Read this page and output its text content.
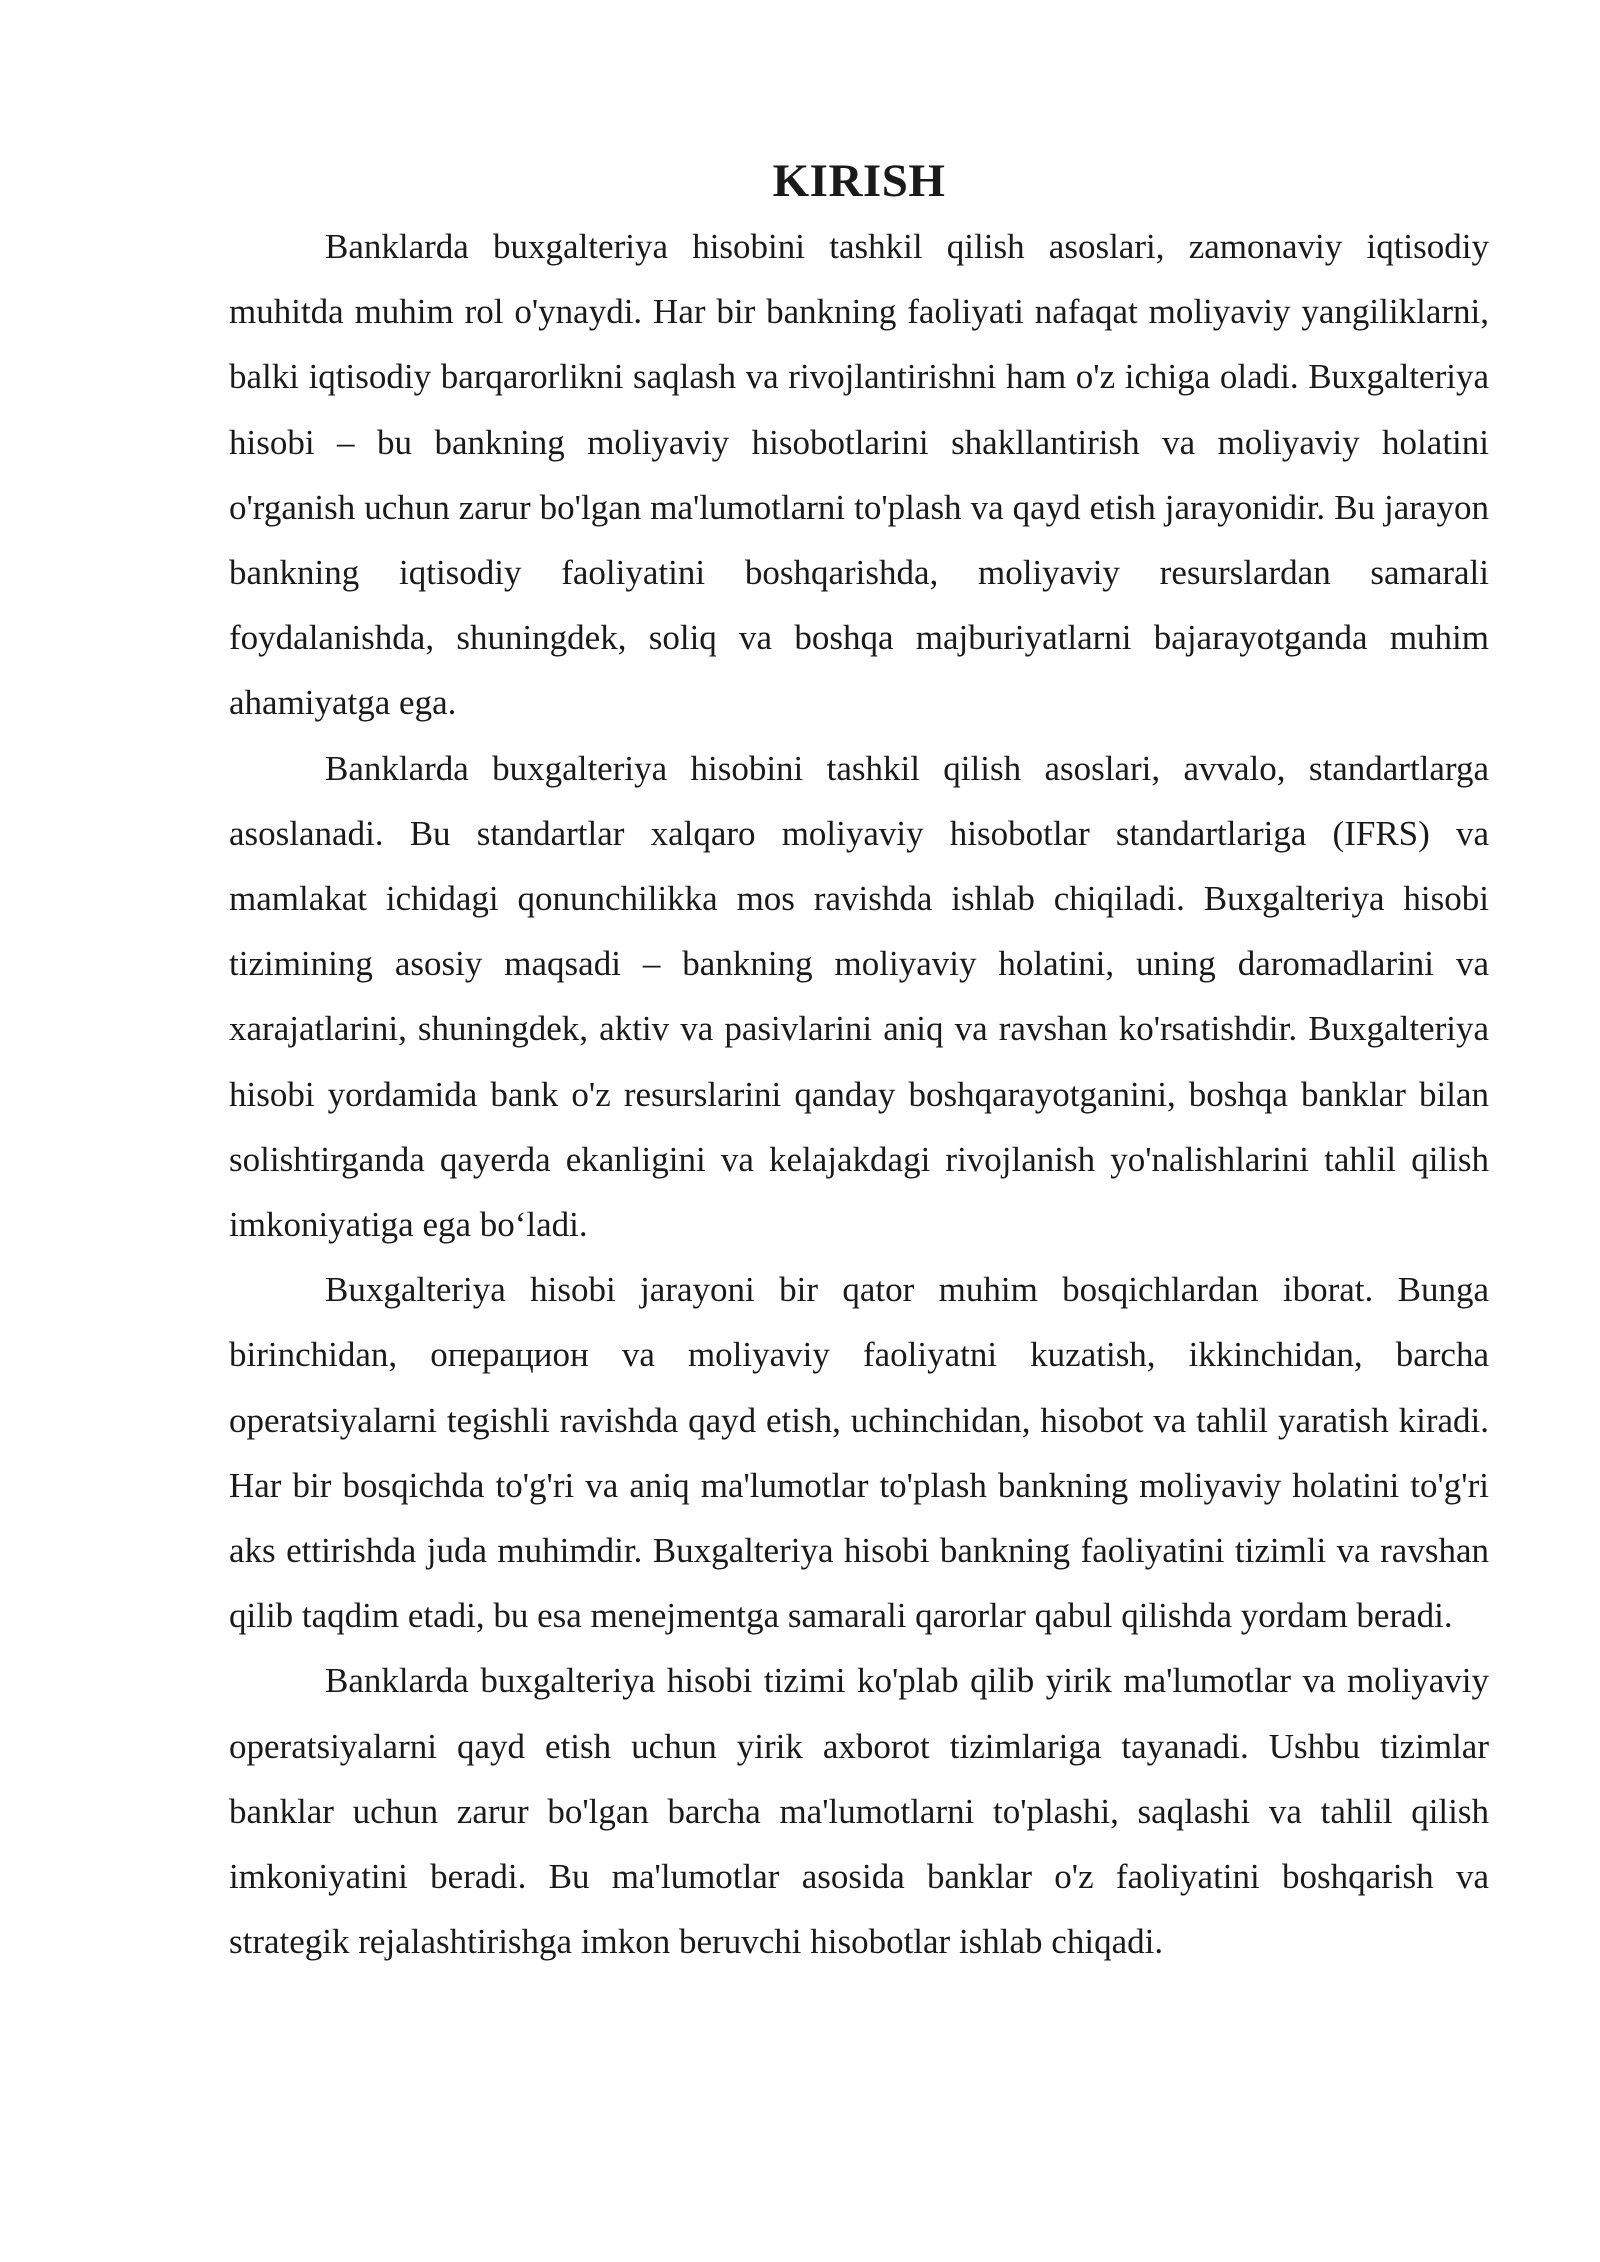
KIRISH

Banklarda buxgalteriya hisobini tashkil qilish asoslari, zamonaviy iqtisodiy muhitda muhim rol o'ynaydi. Har bir bankning faoliyati nafaqat moliyaviy yangiliklarni, balki iqtisodiy barqarorlikni saqlash va rivojlantirishni ham o'z ichiga oladi. Buxgalteriya hisobi – bu bankning moliyaviy hisobotlarini shakllantirish va moliyaviy holatini o'rganish uchun zarur bo'lgan ma'lumotlarni to'plash va qayd etish jarayonidir. Bu jarayon bankning iqtisodiy faoliyatini boshqarishda, moliyaviy resurslardan samarali foydalanishda, shuningdek, soliq va boshqa majburiyatlarni bajarayotganda muhim ahamiyatga ega.

Banklarda buxgalteriya hisobini tashkil qilish asoslari, avvalo, standartlarga asoslanadi. Bu standartlar xalqaro moliyaviy hisobotlar standartlariga (IFRS) va mamlakat ichidagi qonunchilikka mos ravishda ishlab chiqiladi. Buxgalteriya hisobi tizimining asosiy maqsadi – bankning moliyaviy holatini, uning daromadlarini va xarajatlarini, shuningdek, aktiv va pasivlarini aniq va ravshan ko'rsatishdir. Buxgalteriya hisobi yordamida bank o'z resurslarini qanday boshqarayotganini, boshqa banklar bilan solishtirganda qayerda ekanligini va kelajakdagi rivojlanish yo'nalishlarini tahlil qilish imkoniyatiga ega bo‘ladi.

Buxgalteriya hisobi jarayoni bir qator muhim bosqichlardan iborat. Bunga birinchidan, операцион va moliyaviy faoliyatni kuzatish, ikkinchidan, barcha operatsiyalarni tegishli ravishda qayd etish, uchinchidan, hisobot va tahlil yaratish kiradi. Har bir bosqichda to'g'ri va aniq ma'lumotlar to'plash bankning moliyaviy holatini to'g'ri aks ettirishda juda muhimdir. Buxgalteriya hisobi bankning faoliyatini tizimli va ravshan qilib taqdim etadi, bu esa menejmentga samarali qarorlar qabul qilishda yordam beradi.

Banklarda buxgalteriya hisobi tizimi ko'plab qilib yirik ma'lumotlar va moliyaviy operatsiyalarni qayd etish uchun yirik axborot tizimlariga tayanadi. Ushbu tizimlar banklar uchun zarur bo'lgan barcha ma'lumotlarni to'plashi, saqlashi va tahlil qilish imkoniyatini beradi. Bu ma'lumotlar asosida banklar o'z faoliyatini boshqarish va strategik rejalashtirishga imkon beruvchi hisobotlar ishlab chiqadi.
